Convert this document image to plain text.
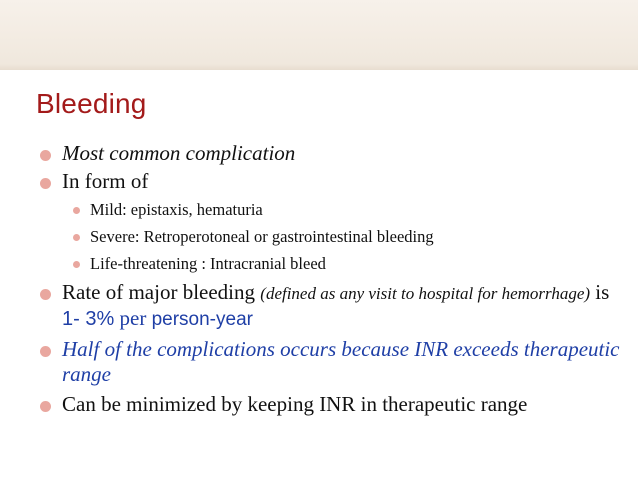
Bleeding

Most common complication

In form of

Mild: epistaxis, hematuria

Severe: Retroperotoneal or gastrointestinal bleeding

Life-threatening : Intracranial bleed

Rate of major bleeding (defined as any visit to hospital for hemorrhage) is 1- 3% per person-year

Half of the complications occurs because INR exceeds therapeutic range

Can be minimized by keeping INR in therapeutic range
